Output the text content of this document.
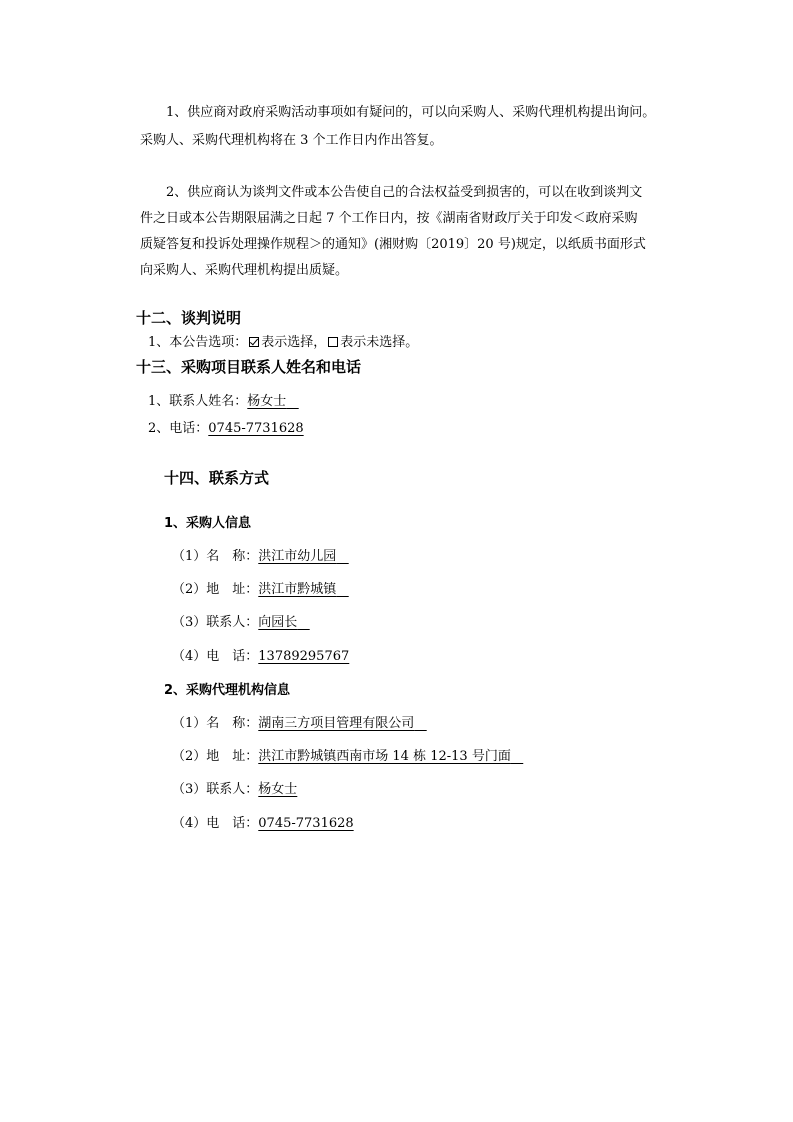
1、供应商对政府采购活动事项如有疑问的，可以向采购人、采购代理机构提出询问。
采购人、采购代理机构将在 3 个工作日内作出答复。
2、供应商认为谈判文件或本公告使自己的合法权益受到损害的，可以在收到谈判文
件之日或本公告期限届满之日起 7 个工作日内，按《湖南省财政厅关于印发＜政府采购
质疑答复和投诉处理操作规程＞的通知》(湘财购〔2019〕20 号)规定，以纸质书面形式
向采购人、采购代理机构提出质疑。
十二、谈判说明
1、本公告选项： 表示选择， 表示未选择。
十三、采购项目联系人姓名和电话
1、联系人姓名：杨女士
2、电话：0745-7731628
十四、联系方式
1、采购人信息
（1）名　称：洪江市幼儿园
（2）地　址：洪江市黔城镇
（3）联系人：向园长
（4）电　话：13789295767
2、采购代理机构信息
（1）名　称：湖南三方项目管理有限公司
（2）地　址：洪江市黔城镇西南市场 14 栋 12-13 号门面
（3）联系人：杨女士
（4）电　话：0745-7731628
